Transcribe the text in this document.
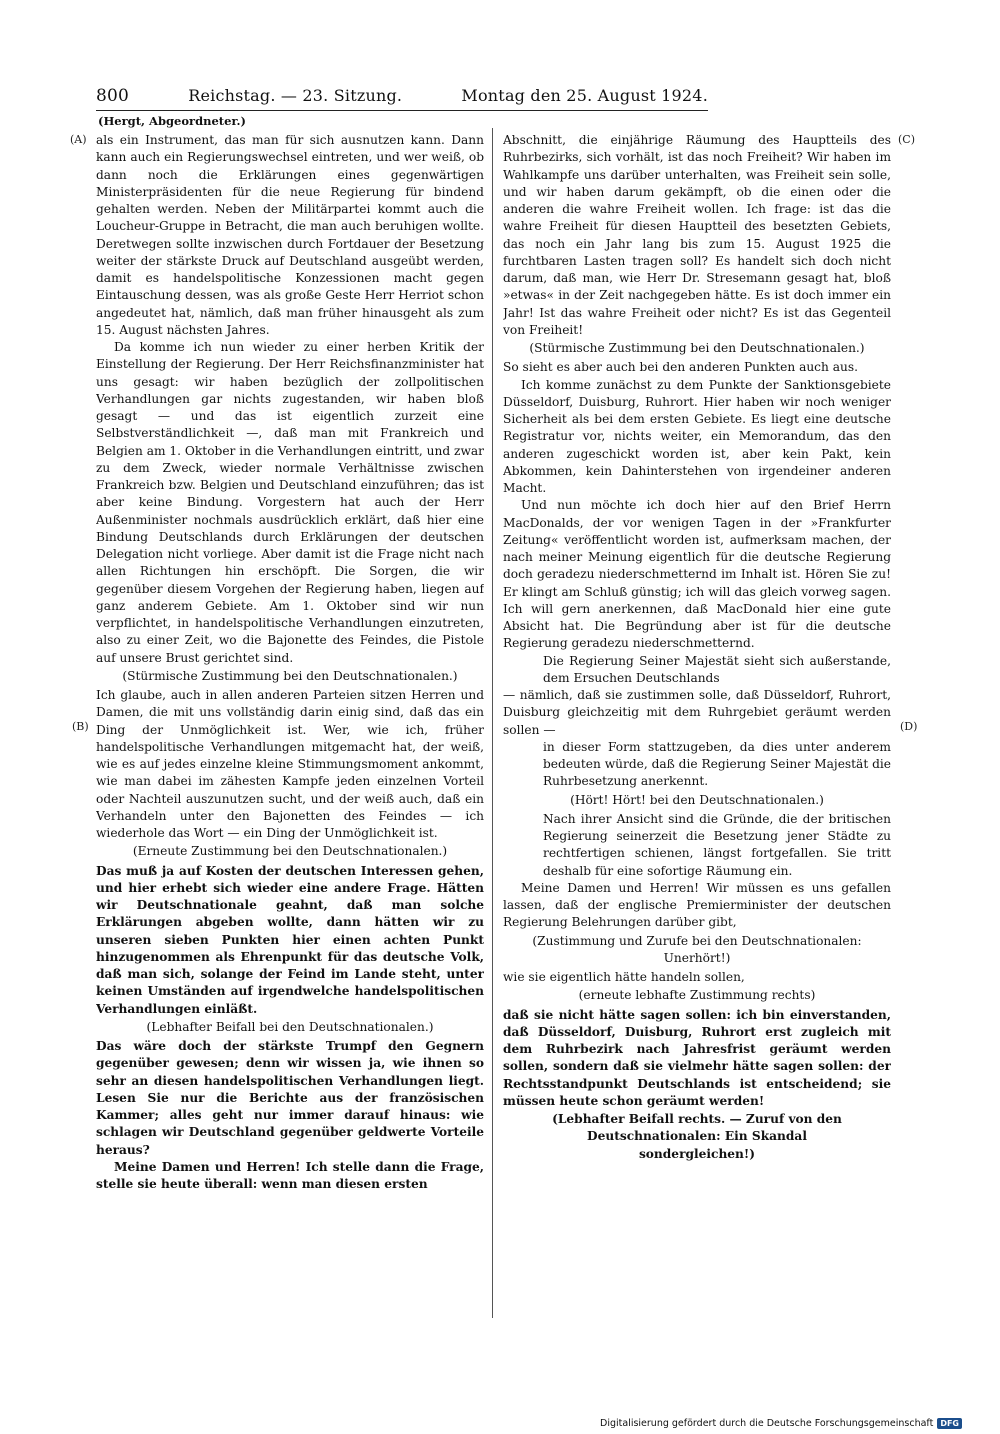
800	Reichstag. — 23. Sitzung.	Montag den 25. August 1924.
(Hergt, Abgeordneter.)
(A)
(B)
(C)
(D)

als ein Instrument, das man für sich ausnutzen kann. Dann kann auch ein Regierungswechsel eintreten, und wer weiß, ob dann noch die Erklärungen eines gegenwärtigen Ministerpräsidenten für die neue Regierung für bindend gehalten werden. Neben der Militärpartei kommt auch die Loucheur-Gruppe in Betracht, die man auch beruhigen wollte. Deretwegen sollte inzwischen durch Fortdauer der Besetzung weiter der stärkste Druck auf Deutschland ausgeübt werden, damit es handelspolitische Konzessionen macht gegen Eintauschung dessen, was als große Geste Herr Herriot schon angedeutet hat, nämlich, daß man früher hinausgeht als zum 15. August nächsten Jahres.

Da komme ich nun wieder zu einer herben Kritik der Einstellung der Regierung. Der Herr Reichsfinanzminister hat uns gesagt: wir haben bezüglich der zollpolitischen Verhandlungen gar nichts zugestanden, wir haben bloß gesagt — und das ist eigentlich zurzeit eine Selbstverständlichkeit —, daß man mit Frankreich und Belgien am 1. Oktober in die Verhandlungen eintritt, und zwar zu dem Zweck, wieder normale Verhältnisse zwischen Frankreich bzw. Belgien und Deutschland einzuführen; das ist aber keine Bindung. Vorgestern hat auch der Herr Außenminister nochmals ausdrücklich erklärt, daß hier eine Bindung Deutschlands durch Erklärungen der deutschen Delegation nicht vorliege. Aber damit ist die Frage nicht nach allen Richtungen hin erschöpft. Die Sorgen, die wir gegenüber diesem Vorgehen der Regierung haben, liegen auf ganz anderem Gebiete. Am 1. Oktober sind wir nun verpflichtet, in handelspolitische Verhandlungen einzutreten, also zu einer Zeit, wo die Bajonette des Feindes, die Pistole auf unsere Brust gerichtet sind.

(Stürmische Zustimmung bei den Deutschnationalen.)

Ich glaube, auch in allen anderen Parteien sitzen Herren und Damen, die mit uns vollständig darin einig sind, daß das ein Ding der Unmöglichkeit ist. Wer, wie ich, früher handelspolitische Verhandlungen mitgemacht hat, der weiß, wie es auf jedes einzelne kleine Stimmungsmoment ankommt, wie man dabei im zähesten Kampfe jeden einzelnen Vorteil oder Nachteil auszunutzen sucht, und der weiß auch, daß ein Verhandeln unter den Bajonetten des Feindes — ich wiederhole das Wort — ein Ding der Unmöglichkeit ist.

(Erneute Zustimmung bei den Deutschnationalen.)

Das muß ja auf Kosten der deutschen Interessen gehen, und hier erhebt sich wieder eine andere Frage. Hätten wir Deutschnationale geahnt, daß man solche Erklärungen abgeben wollte, dann hätten wir zu unseren sieben Punkten hier einen achten Punkt hinzugenommen als Ehrenpunkt für das deutsche Volk, daß man sich, solange der Feind im Lande steht, unter keinen Umständen auf irgendwelche handelspolitischen Verhandlungen einläßt.

(Lebhafter Beifall bei den Deutschnationalen.)

Das wäre doch der stärkste Trumpf den Gegnern gegenüber gewesen; denn wir wissen ja, wie ihnen so sehr an diesen handelspolitischen Verhandlungen liegt. Lesen Sie nur die Berichte aus der französischen Kammer; alles geht nur immer darauf hinaus: wie schlagen wir Deutschland gegenüber geldwerte Vorteile heraus?

Meine Damen und Herren! Ich stelle dann die Frage, stelle sie heute überall: wenn man diesen ersten

Abschnitt, die einjährige Räumung des Hauptteils des Ruhrbezirks, sich vorhält, ist das noch Freiheit? Wir haben im Wahlkampfe uns darüber unterhalten, was Freiheit sein solle, und wir haben darum gekämpft, ob die einen oder die anderen die wahre Freiheit wollen. Ich frage: ist das die wahre Freiheit für diesen Hauptteil des besetzten Gebiets, das noch ein Jahr lang bis zum 15. August 1925 die furchtbaren Lasten tragen soll? Es handelt sich doch nicht darum, daß man, wie Herr Dr. Stresemann gesagt hat, bloß »etwas« in der Zeit nachgegeben hätte. Es ist doch immer ein Jahr! Ist das wahre Freiheit oder nicht? Es ist das Gegenteil von Freiheit!

(Stürmische Zustimmung bei den Deutschnationalen.)

So sieht es aber auch bei den anderen Punkten auch aus.

Ich komme zunächst zu dem Punkte der Sanktionsgebiete Düsseldorf, Duisburg, Ruhrort. Hier haben wir noch weniger Sicherheit als bei dem ersten Gebiete. Es liegt eine deutsche Registratur vor, nichts weiter, ein Memorandum, das den anderen zugeschickt worden ist, aber kein Pakt, kein Abkommen, kein Dahinterstehen von irgendeiner anderen Macht.

Und nun möchte ich doch hier auf den Brief Herrn MacDonalds, der vor wenigen Tagen in der »Frankfurter Zeitung« veröffentlicht worden ist, aufmerksam machen, der nach meiner Meinung eigentlich für die deutsche Regierung doch geradezu niederschmetternd im Inhalt ist. Hören Sie zu! Er klingt am Schluß günstig; ich will das gleich vorweg sagen. Ich will gern anerkennen, daß MacDonald hier eine gute Absicht hat. Die Begründung aber ist für die deutsche Regierung geradezu niederschmetternd.

Die Regierung Seiner Majestät sieht sich außerstande, dem Ersuchen Deutschlands

— nämlich, daß sie zustimmen solle, daß Düsseldorf, Ruhrort, Duisburg gleichzeitig mit dem Ruhrgebiet geräumt werden sollen —

in dieser Form stattzugeben, da dies unter anderem bedeuten würde, daß die Regierung Seiner Majestät die Ruhrbesetzung anerkennt.

(Hört! Hört! bei den Deutschnationalen.)

Nach ihrer Ansicht sind die Gründe, die der britischen Regierung seinerzeit die Besetzung jener Städte zu rechtfertigen schienen, längst fortgefallen. Sie tritt deshalb für eine sofortige Räumung ein.

Meine Damen und Herren! Wir müssen es uns gefallen lassen, daß der englische Premierminister der deutschen Regierung Belehrungen darüber gibt,

(Zustimmung und Zurufe bei den Deutschnationalen: Unerhört!)

wie sie eigentlich hätte handeln sollen,

(erneute lebhafte Zustimmung rechts)

daß sie nicht hätte sagen sollen: ich bin einverstanden, daß Düsseldorf, Duisburg, Ruhrort erst zugleich mit dem Ruhrbezirk nach Jahresfrist geräumt werden sollen, sondern daß sie vielmehr hätte sagen sollen: der Rechtsstandpunkt Deutschlands ist entscheidend; sie müssen heute schon geräumt werden!

(Lebhafter Beifall rechts. — Zuruf von den Deutschnationalen: Ein Skandal sondergleichen!)

Digitalisierung gefördert durch die Deutsche Forschungsgemeinschaft DFG
